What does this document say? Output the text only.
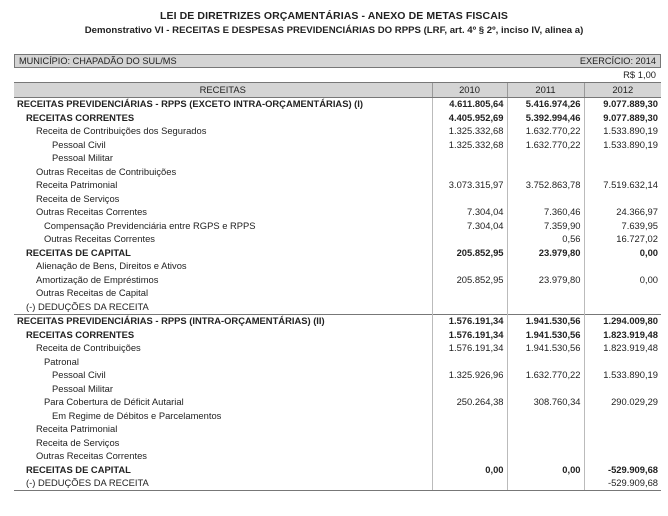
LEI DE DIRETRIZES ORÇAMENTÁRIAS - ANEXO DE METAS FISCAIS
Demonstrativo VI - RECEITAS E DESPESAS PREVIDENCIÁRIAS DO RPPS (LRF, art. 4º § 2º, inciso IV, alinea a)
MUNICÍPIO: CHAPADÃO DO SUL/MS	EXERCÍCIO: 2014
R$ 1,00
RECEITAS	2010	2011	2012
RECEITAS PREVIDENCIÁRIAS - RPPS (EXCETO INTRA-ORÇAMENTÁRIAS) (I)	4.611.805,64	5.416.974,26	9.077.889,30
RECEITAS CORRENTES	4.405.952,69	5.392.994,46	9.077.889,30
Receita de Contribuições dos Segurados	1.325.332,68	1.632.770,22	1.533.890,19
Pessoal Civil	1.325.332,68	1.632.770,22	1.533.890,19
Pessoal Militar			
Outras Receitas de Contribuições			
Receita Patrimonial	3.073.315,97	3.752.863,78	7.519.632,14
Receita de Serviços			
Outras Receitas Correntes	7.304,04	7.360,46	24.366,97
Compensação Previdenciária entre RGPS e RPPS	7.304,04	7.359,90	7.639,95
Outras Receitas Correntes		0,56	16.727,02
RECEITAS DE CAPITAL	205.852,95	23.979,80	0,00
Alienação de Bens, Direitos e Ativos			
Amortização de Empréstimos	205.852,95	23.979,80	0,00
Outras Receitas de Capital			
(-) DEDUÇÕES DA RECEITA			
RECEITAS PREVIDENCIÁRIAS - RPPS (INTRA-ORÇAMENTÁRIAS) (II)	1.576.191,34	1.941.530,56	1.294.009,80
RECEITAS CORRENTES	1.576.191,34	1.941.530,56	1.823.919,48
Receita de Contribuições	1.576.191,34	1.941.530,56	1.823.919,48
Patronal			
Pessoal Civil	1.325.926,96	1.632.770,22	1.533.890,19
Pessoal Militar			
Para Cobertura de Déficit Autarial	250.264,38	308.760,34	290.029,29
Em Regime de Débitos e Parcelamentos			
Receita Patrimonial			
Receita de Serviços			
Outras Receitas Correntes			
RECEITAS DE CAPITAL	0,00	0,00	-529.909,68
(-) DEDUÇÕES DA RECEITA			-529.909,68
